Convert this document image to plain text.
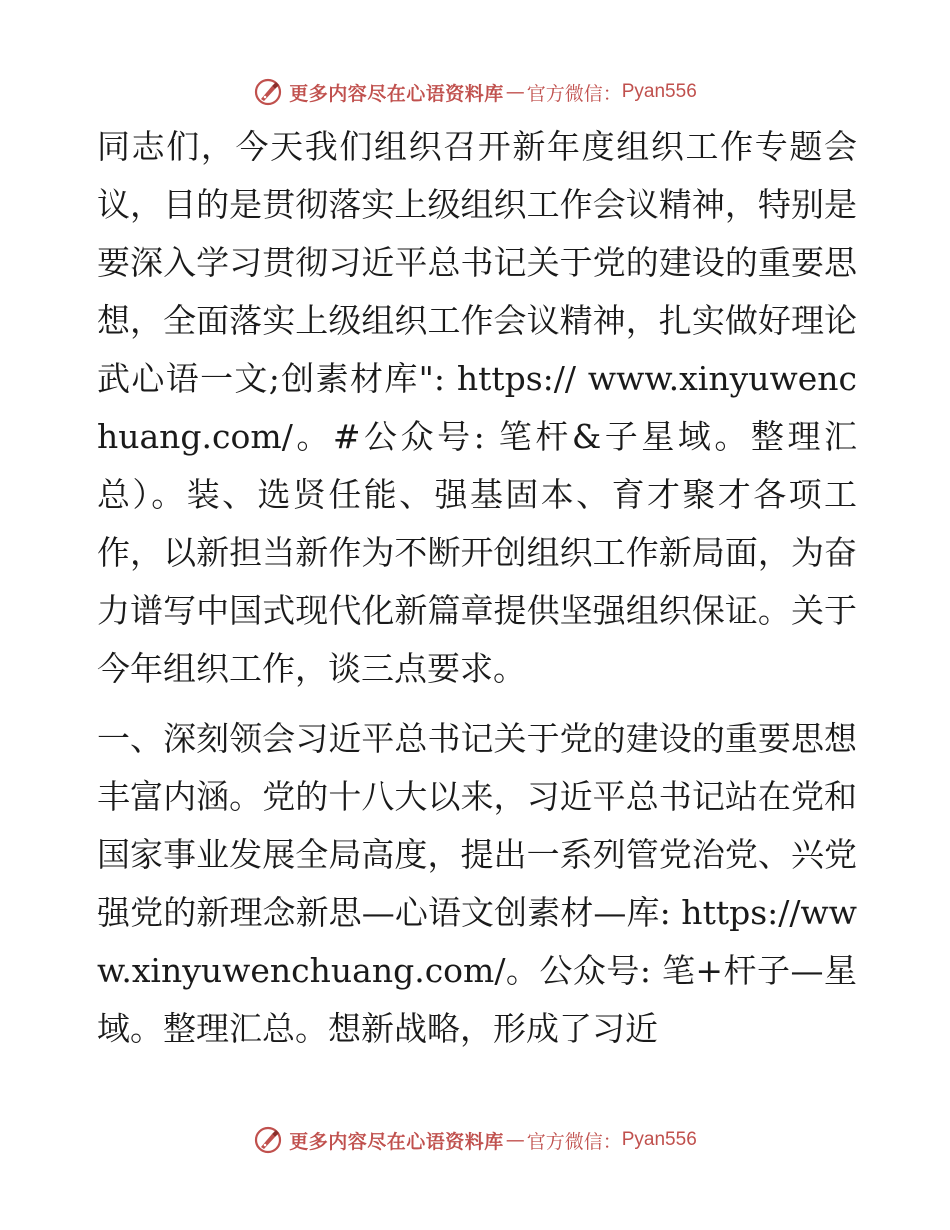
更多内容尽在心语资料库 — 官方微信： Pyan556

同志们，今天我们组织召开新年度组织工作专题会议，目的是贯彻落实上级组织工作会议精神，特别是要深入学习贯彻习近平总书记关于党的建设的重要思想，全面落实上级组织工作会议精神，扎实做好理论武心语一文;创素材库": https:// www.xinyuwenchuang.com/。#公众号: 笔杆&子星域。整理汇总）。装、选贤任能、强基固本、育才聚才各项工作，以新担当新作为不断开创组织工作新局面，为奋力谱写中国式现代化新篇章提供坚强组织保证。关于今年组织工作，谈三点要求。

一、深刻领会习近平总书记关于党的建设的重要思想丰富内涵。党的十八大以来，习近平总书记站在党和国家事业发展全局高度，提出一系列管党治党、兴党强党的新理念新思—心语文创素材—库: https://www.xinyuwenchuang.com/。公众号: 笔+杆子—星域。整理汇总。想新战略，形成了习近

更多内容尽在心语资料库 — 官方微信： Pyan556
